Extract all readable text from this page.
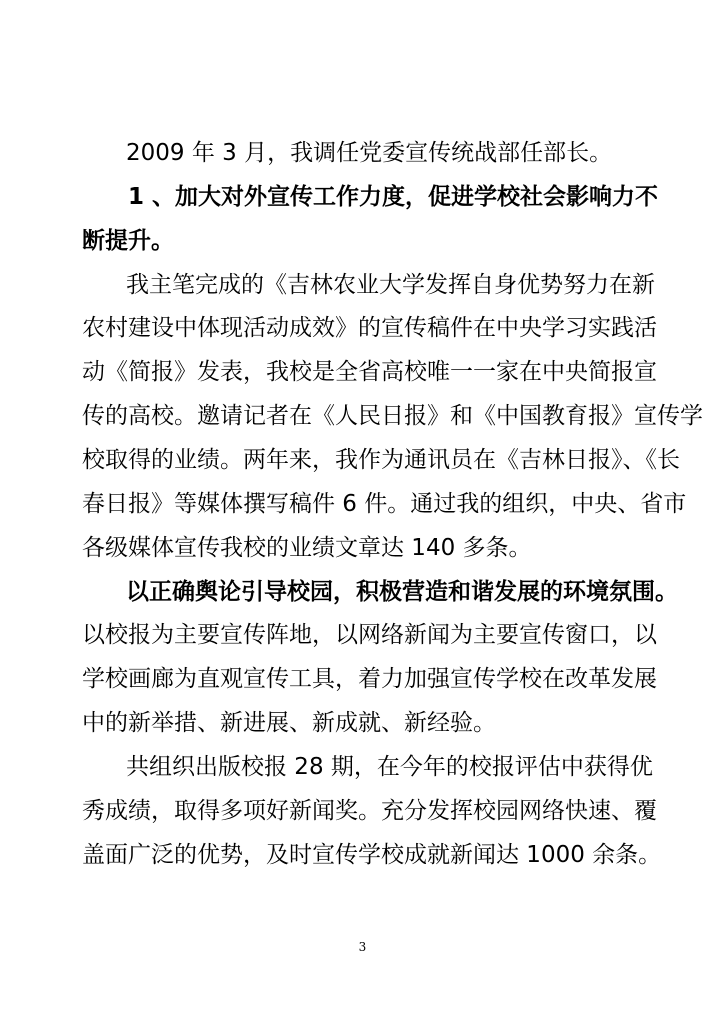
2009 年 3 月，我调任党委宣传统战部任部长。
1 、加大对外宣传工作力度，促进学校社会影响力不
断提升。
我主笔完成的《吉林农业大学发挥自身优势努力在新
农村建设中体现活动成效》的宣传稿件在中央学习实践活
动《简报》发表，我校是全省高校唯一一家在中央简报宣
传的高校。邀请记者在《人民日报》和《中国教育报》宣传学
校取得的业绩。两年来，我作为通讯员在《吉林日报》、《长
春日报》等媒体撰写稿件 6 件。通过我的组织，中央、省市
各级媒体宣传我校的业绩文章达 140 多条。
以正确舆论引导校园，积极营造和谐发展的环境氛围。
以校报为主要宣传阵地，以网络新闻为主要宣传窗口，以
学校画廊为直观宣传工具，着力加强宣传学校在改革发展
中的新举措、新进展、新成就、新经验。
共组织出版校报 28 期，在今年的校报评估中获得优
秀成绩，取得多项好新闻奖。充分发挥校园网络快速、覆
盖面广泛的优势，及时宣传学校成就新闻达 1000 余条。
3
